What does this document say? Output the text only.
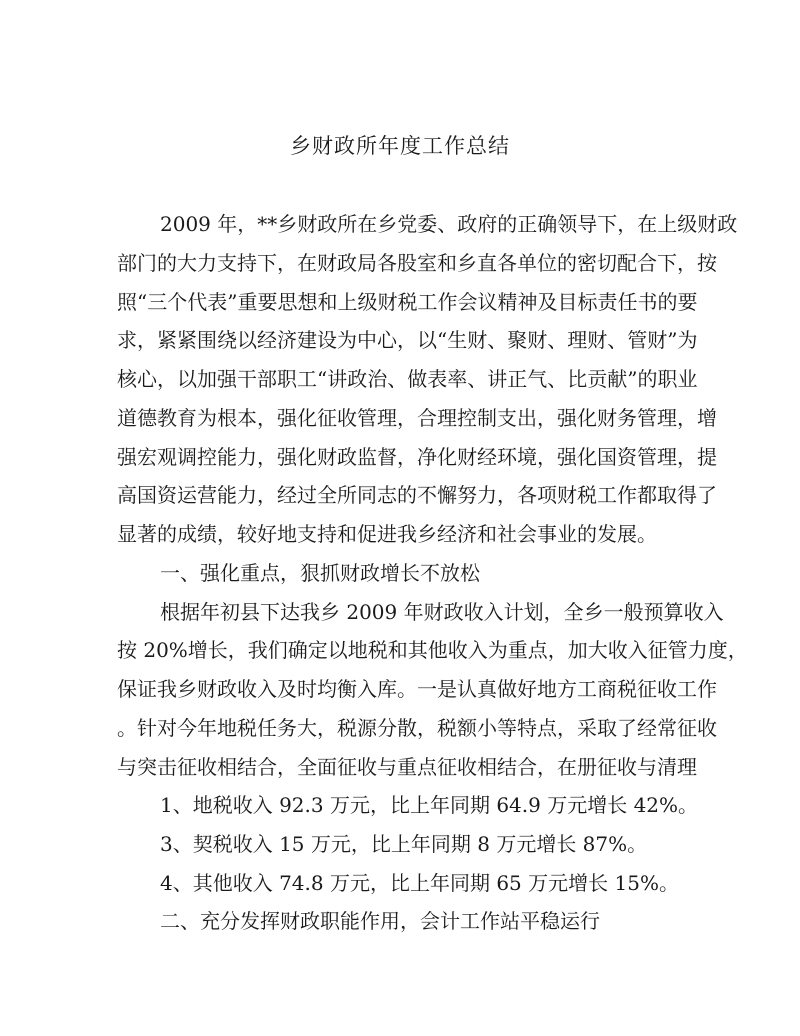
乡财政所年度工作总结
2009 年，**乡财政所在乡党委、政府的正确领导下，在上级财政
部门的大力支持下，在财政局各股室和乡直各单位的密切配合下，按
照“三个代表”重要思想和上级财税工作会议精神及目标责任书的要
求，紧紧围绕以经济建设为中心，以“生财、聚财、理财、管财”为
核心，以加强干部职工“讲政治、做表率、讲正气、比贡献”的职业
道德教育为根本，强化征收管理，合理控制支出，强化财务管理，增
强宏观调控能力，强化财政监督，净化财经环境，强化国资管理，提
高国资运营能力，经过全所同志的不懈努力，各项财税工作都取得了
显著的成绩，较好地支持和促进我乡经济和社会事业的发展。
一、强化重点，狠抓财政增长不放松
根据年初县下达我乡 2009 年财政收入计划，全乡一般预算收入
按 20%增长，我们确定以地税和其他收入为重点，加大收入征管力度，
保证我乡财政收入及时均衡入库。一是认真做好地方工商税征收工作
。针对今年地税任务大，税源分散，税额小等特点，采取了经常征收
与突击征收相结合，全面征收与重点征收相结合，在册征收与清理
1、地税收入 92.3 万元，比上年同期 64.9 万元增长 42%。
3、契税收入 15 万元，比上年同期 8 万元增长 87%。
4、其他收入 74.8 万元，比上年同期 65 万元增长 15%。
二、充分发挥财政职能作用，会计工作站平稳运行
